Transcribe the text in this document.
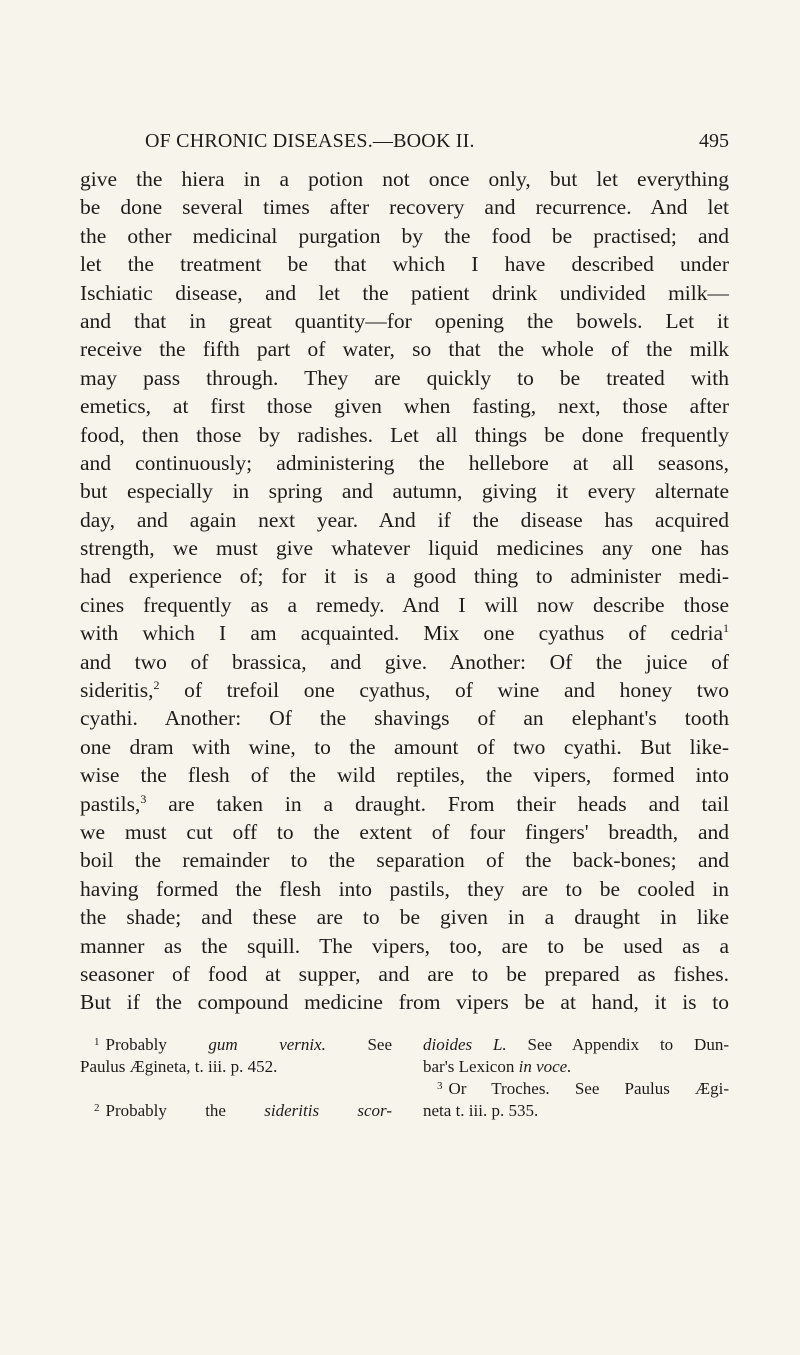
OF CHRONIC DISEASES.—BOOK II.	495
give the hiera in a potion not once only, but let everything
be done several times after recovery and recurrence. And let
the other medicinal purgation by the food be practised; and
let the treatment be that which I have described under
Ischiatic disease, and let the patient drink undivided milk—
and that in great quantity—for opening the bowels. Let it
receive the fifth part of water, so that the whole of the milk
may pass through. They are quickly to be treated with
emetics, at first those given when fasting, next, those after
food, then those by radishes. Let all things be done frequently
and continuously; administering the hellebore at all seasons,
but especially in spring and autumn, giving it every alternate
day, and again next year. And if the disease has acquired
strength, we must give whatever liquid medicines any one has
had experience of; for it is a good thing to administer medi-
cines frequently as a remedy. And I will now describe those
with which I am acquainted. Mix one cyathus of cedria$^1$
and two of brassica, and give. Another: Of the juice of
sideritis,$^2$ of trefoil one cyathus, of wine and honey two
cyathi. Another: Of the shavings of an elephant's tooth
one dram with wine, to the amount of two cyathi. But like-
wise the flesh of the wild reptiles, the vipers, formed into
pastils,$^3$ are taken in a draught. From their heads and tail
we must cut off to the extent of four fingers' breadth, and
boil the remainder to the separation of the back-bones; and
having formed the flesh into pastils, they are to be cooled in
the shade; and these are to be given in a draught in like
manner as the squill. The vipers, too, are to be used as a
seasoner of food at supper, and are to be prepared as fishes.
But if the compound medicine from vipers be at hand, it is to
$^1$ Probably gum vernix. See
Paulus Ægineta, t. iii. p. 452.
$^2$ Probably the sideritis scor-
dioides L. See Appendix to Dun-
bar's Lexicon in voce.
$^3$ Or Troches. See Paulus Ægi-
neta t. iii. p. 535.
